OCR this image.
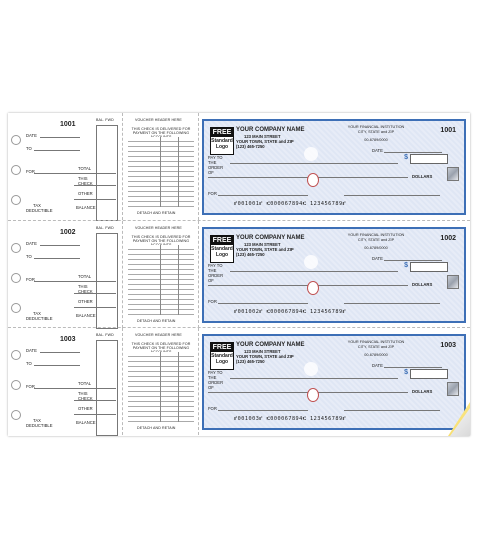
1001
BAL. FWD
DATE
TO
FOR
TOTAL
THIS CHECK
OTHER
TAX DEDUCTIBLE
BALANCE
VOUCHER HEADER HERE
THIS CHECK IS DELIVERED FOR PAYMENT ON THE FOLLOWING
DETACH AND RETAIN
FREE
Standard Logo
YOUR COMPANY NAME
123 MAIN STREET
YOUR TOWN, STATE and ZIP
(123) 465-7250
YOUR FINANCIAL INSTITUTION
CITY, STATE and ZIP
00-6789/0000
1001
DATE
PAY TO THE ORDER OF
$
DOLLARS
FOR
⑈001001⑈ ⑆000067894⑆ 123456789⑈
1002
BAL. FWD
DATE
TO
FOR
TOTAL
THIS CHECK
OTHER
TAX DEDUCTIBLE
BALANCE
VOUCHER HEADER HERE
THIS CHECK IS DELIVERED FOR PAYMENT ON THE FOLLOWING
DETACH AND RETAIN
FREE
Standard Logo
YOUR COMPANY NAME
123 MAIN STREET
YOUR TOWN, STATE and ZIP
(123) 465-7250
YOUR FINANCIAL INSTITUTION
CITY, STATE and ZIP
00-6789/0000
1002
DATE
PAY TO THE ORDER OF
$
DOLLARS
FOR
⑈001002⑈ ⑆000067894⑆ 123456789⑈
1003
BAL. FWD
DATE
TO
FOR
TOTAL
THIS CHECK
OTHER
TAX DEDUCTIBLE
BALANCE
VOUCHER HEADER HERE
THIS CHECK IS DELIVERED FOR PAYMENT ON THE FOLLOWING
DETACH AND RETAIN
FREE
Standard Logo
YOUR COMPANY NAME
123 MAIN STREET
YOUR TOWN, STATE and ZIP
(123) 465-7250
YOUR FINANCIAL INSTITUTION
CITY, STATE and ZIP
00-6789/0000
1003
DATE
PAY TO THE ORDER OF
$
DOLLARS
FOR
⑈001003⑈ ⑆000067894⑆ 123456789⑈
